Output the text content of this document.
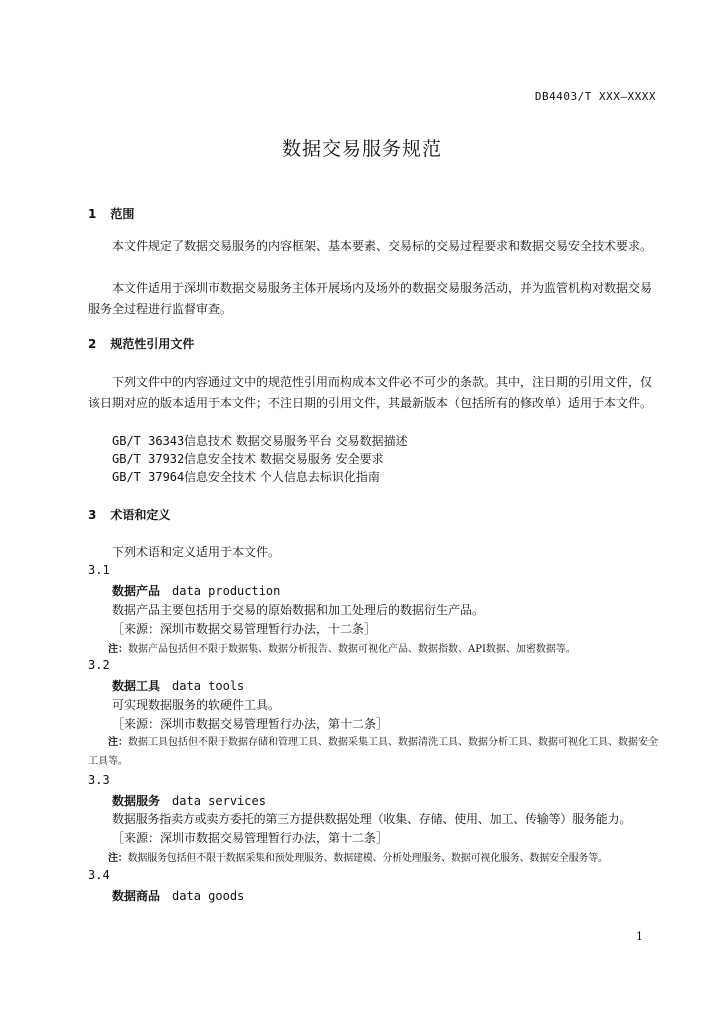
DB4403/T XXX—XXXX
数据交易服务规范
1 范围
本文件规定了数据交易服务的内容框架、基本要素、交易标的交易过程要求和数据交易安全技术要求。
本文件适用于深圳市数据交易服务主体开展场内及场外的数据交易服务活动，并为监管机构对数据交易服务全过程进行监督审查。
2 规范性引用文件
下列文件中的内容通过文中的规范性引用而构成本文件必不可少的条款。其中，注日期的引用文件，仅该日期对应的版本适用于本文件；不注日期的引用文件，其最新版本（包括所有的修改单）适用于本文件。
GB/T 36343信息技术 数据交易服务平台 交易数据描述
GB/T 37932信息安全技术 数据交易服务 安全要求
GB/T 37964信息安全技术 个人信息去标识化指南
3 术语和定义
下列术语和定义适用于本文件。
3.1
数据产品 data production
数据产品主要包括用于交易的原始数据和加工处理后的数据衍生产品。
［来源：深圳市数据交易管理暂行办法，十二条］
注：数据产品包括但不限于数据集、数据分析报告、数据可视化产品、数据指数、API数据、加密数据等。
3.2
数据工具 data tools
可实现数据服务的软硬件工具。
［来源：深圳市数据交易管理暂行办法，第十二条］
注：数据工具包括但不限于数据存储和管理工具、数据采集工具、数据清洗工具、数据分析工具、数据可视化工具、数据安全工具等。
3.3
数据服务 data services
数据服务指卖方或卖方委托的第三方提供数据处理（收集、存储、使用、加工、传输等）服务能力。
［来源：深圳市数据交易管理暂行办法，第十二条］
注：数据服务包括但不限于数据采集和预处理服务、数据建模、分析处理服务、数据可视化服务、数据安全服务等。
3.4
数据商品 data goods
1
